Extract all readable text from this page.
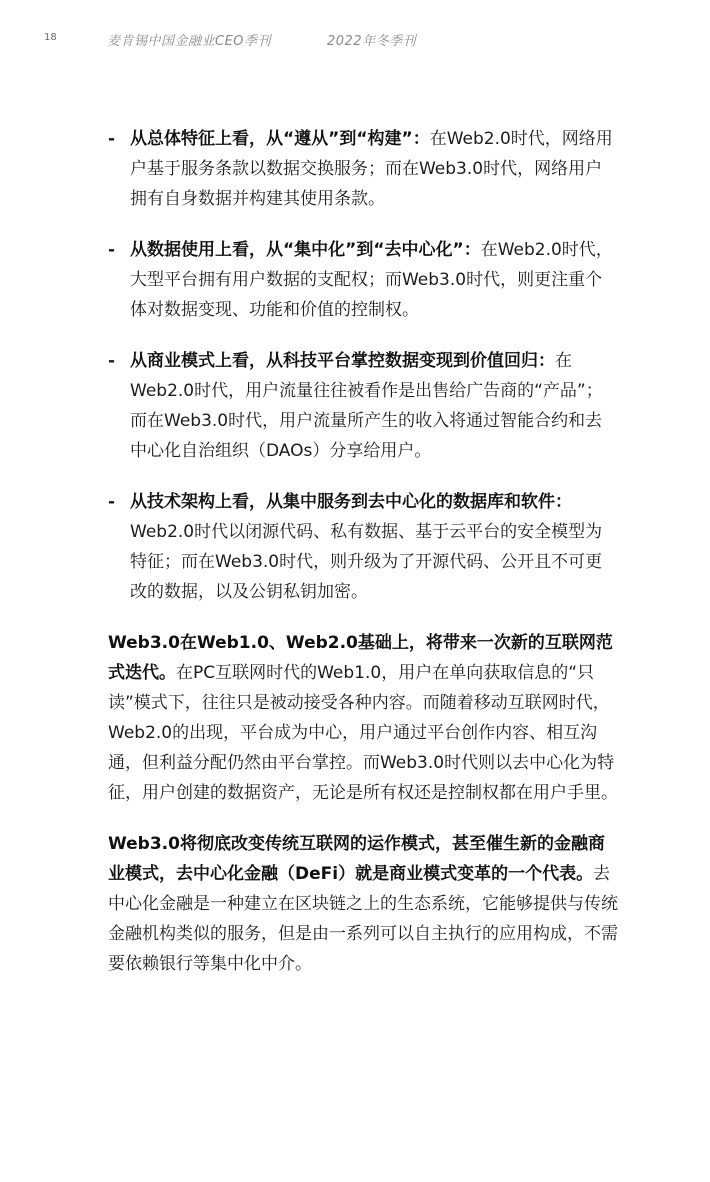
18	麦肯锡中国金融业CEO季刊	2022年冬季刊
- 从总体特征上看，从“遵从”到“构建”：在Web2.0时代，网络用户基于服务条款以数据交换服务；而在Web3.0时代，网络用户拥有自身数据并构建其使用条款。
- 从数据使用上看，从“集中化”到“去中心化”：在Web2.0时代，大型平台拥有用户数据的支配权；而Web3.0时代，则更注重个体对数据变现、功能和价值的控制权。
- 从商业模式上看，从科技平台掌控数据变现到价值回归：在Web2.0时代，用户流量往往被看作是出售给广告商的“产品”；而在Web3.0时代，用户流量所产生的收入将通过智能合约和去中心化自治组织（DAOs）分享给用户。
- 从技术架构上看，从集中服务到去中心化的数据库和软件：Web2.0时代以闭源代码、私有数据、基于云平台的安全模型为特征；而在Web3.0时代，则升级为了开源代码、公开且不可更改的数据，以及公钥私钥加密。

Web3.0在Web1.0、Web2.0基础上，将带来一次新的互联网范式迭代。在PC互联网时代的Web1.0，用户在单向获取信息的“只读”模式下，往往只是被动接受各种内容。而随着移动互联网时代，Web2.0的出现，平台成为中心，用户通过平台创作内容、相互沟通，但利益分配仍然由平台掌控。而Web3.0时代则以去中心化为特征，用户创建的数据资产，无论是所有权还是控制权都在用户手里。

Web3.0将彻底改变传统互联网的运作模式，甚至催生新的金融商业模式，去中心化金融（DeFi）就是商业模式变革的一个代表。去中心化金融是一种建立在区块链之上的生态系统，它能够提供与传统金融机构类似的服务，但是由一系列可以自主执行的应用构成，不需要依赖银行等集中化中介。
